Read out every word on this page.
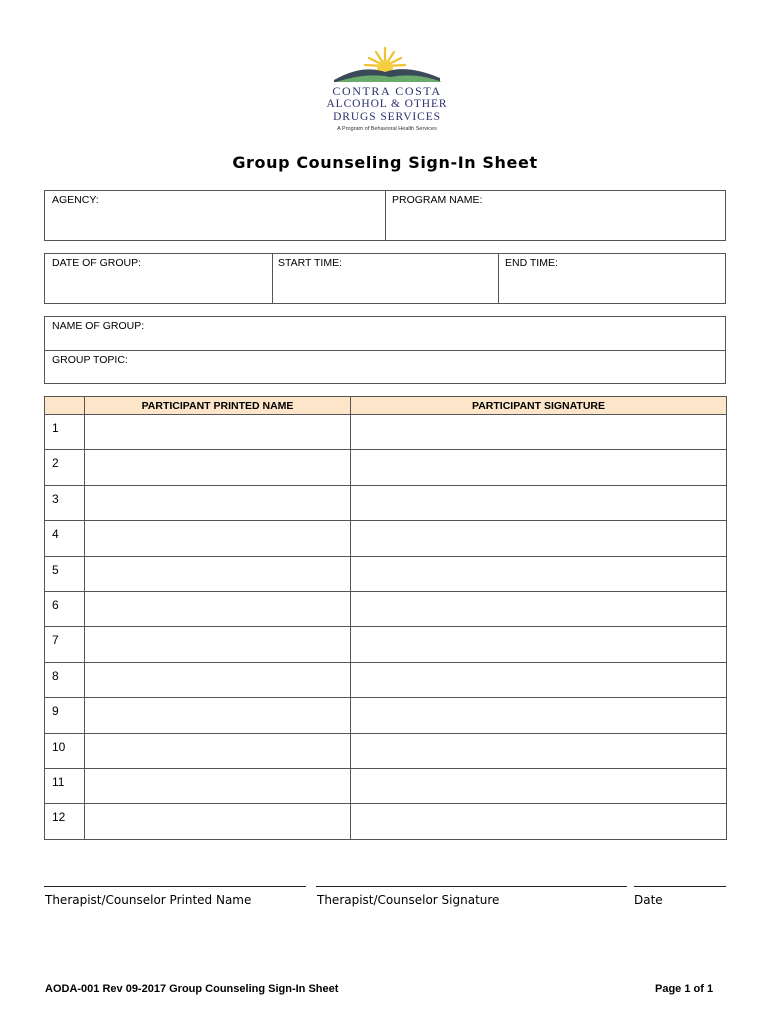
CONTRA COSTA
ALCOHOL & OTHER
DRUGS SERVICES
A Program of Behavioral Health Services
Group Counseling Sign-In Sheet
AGENCY:	PROGRAM NAME:
DATE OF GROUP:	START TIME:	END TIME:
NAME OF GROUP:
GROUP TOPIC:
	PARTICIPANT PRINTED NAME	PARTICIPANT SIGNATURE
1		
2		
3		
4		
5		
6		
7		
8		
9		
10		
11		
12		
Therapist/Counselor Printed Name	Therapist/Counselor Signature	Date
AODA-001 Rev 09-2017 Group Counseling Sign-In Sheet	Page 1 of 1
